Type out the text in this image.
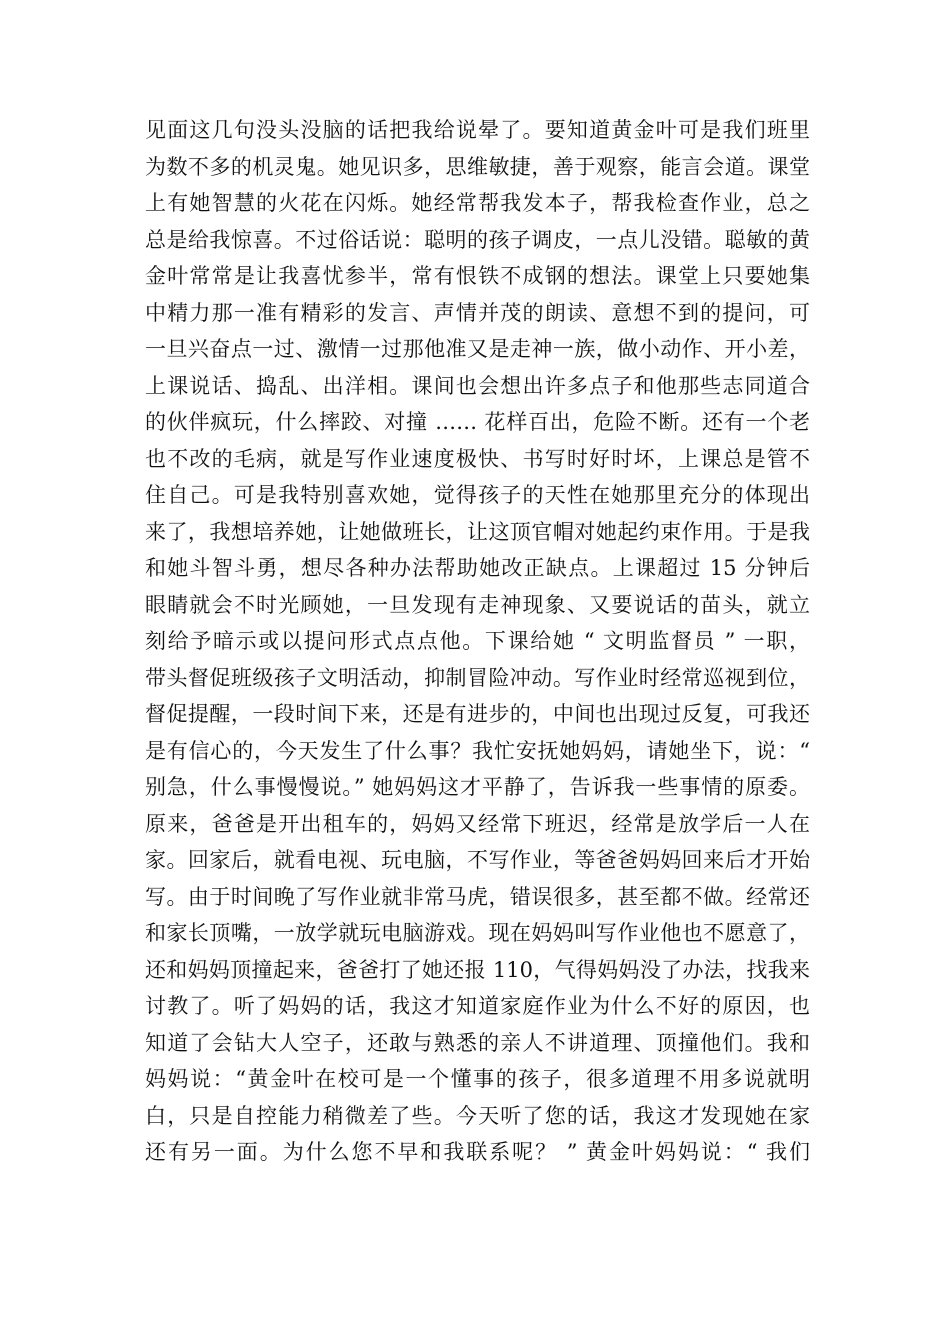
见面这几句没头没脑的话把我给说晕了。要知道黄金叶可是我们班里
为数不多的机灵鬼。她见识多，思维敏捷，善于观察，能言会道。课堂
上有她智慧的火花在闪烁。她经常帮我发本子，帮我检查作业，总之
总是给我惊喜。不过俗话说：聪明的孩子调皮，一点儿没错。聪敏的黄
金叶常常是让我喜忧参半，常有恨铁不成钢的想法。课堂上只要她集
中精力那一准有精彩的发言、声情并茂的朗读、意想不到的提问，可
一旦兴奋点一过、激情一过那他准又是走神一族，做小动作、开小差，
上课说话、捣乱、出洋相。课间也会想出许多点子和他那些志同道合
的伙伴疯玩，什么摔跤、对撞 …… 花样百出，危险不断。还有一个老
也不改的毛病，就是写作业速度极快、书写时好时坏，上课总是管不
住自己。可是我特别喜欢她，觉得孩子的天性在她那里充分的体现出
来了，我想培养她，让她做班长，让这顶官帽对她起约束作用。于是我
和她斗智斗勇，想尽各种办法帮助她改正缺点。上课超过 15 分钟后
眼睛就会不时光顾她，一旦发现有走神现象、又要说话的苗头，就立
刻给予暗示或以提问形式点点他。下课给她 “ 文明监督员 ” 一职，
带头督促班级孩子文明活动，抑制冒险冲动。写作业时经常巡视到位，
督促提醒，一段时间下来，还是有进步的，中间也出现过反复，可我还
是有信心的，今天发生了什么事？我忙安抚她妈妈，请她坐下，说：“
别急，什么事慢慢说。” 她妈妈这才平静了，告诉我一些事情的原委。
原来，爸爸是开出租车的，妈妈又经常下班迟，经常是放学后一人在
家。回家后，就看电视、玩电脑，不写作业，等爸爸妈妈回来后才开始
写。由于时间晚了写作业就非常马虎，错误很多，甚至都不做。经常还
和家长顶嘴，一放学就玩电脑游戏。现在妈妈叫写作业他也不愿意了，
还和妈妈顶撞起来，爸爸打了她还报 110，气得妈妈没了办法，找我来
讨教了。听了妈妈的话，我这才知道家庭作业为什么不好的原因，也
知道了会钻大人空子，还敢与熟悉的亲人不讲道理、顶撞他们。我和
妈妈说：“黄金叶在校可是一个懂事的孩子，很多道理不用多说就明
白，只是自控能力稍微差了些。今天听了您的话，我这才发现她在家
还有另一面。为什么您不早和我联系呢？ ” 黄金叶妈妈说：“ 我们
